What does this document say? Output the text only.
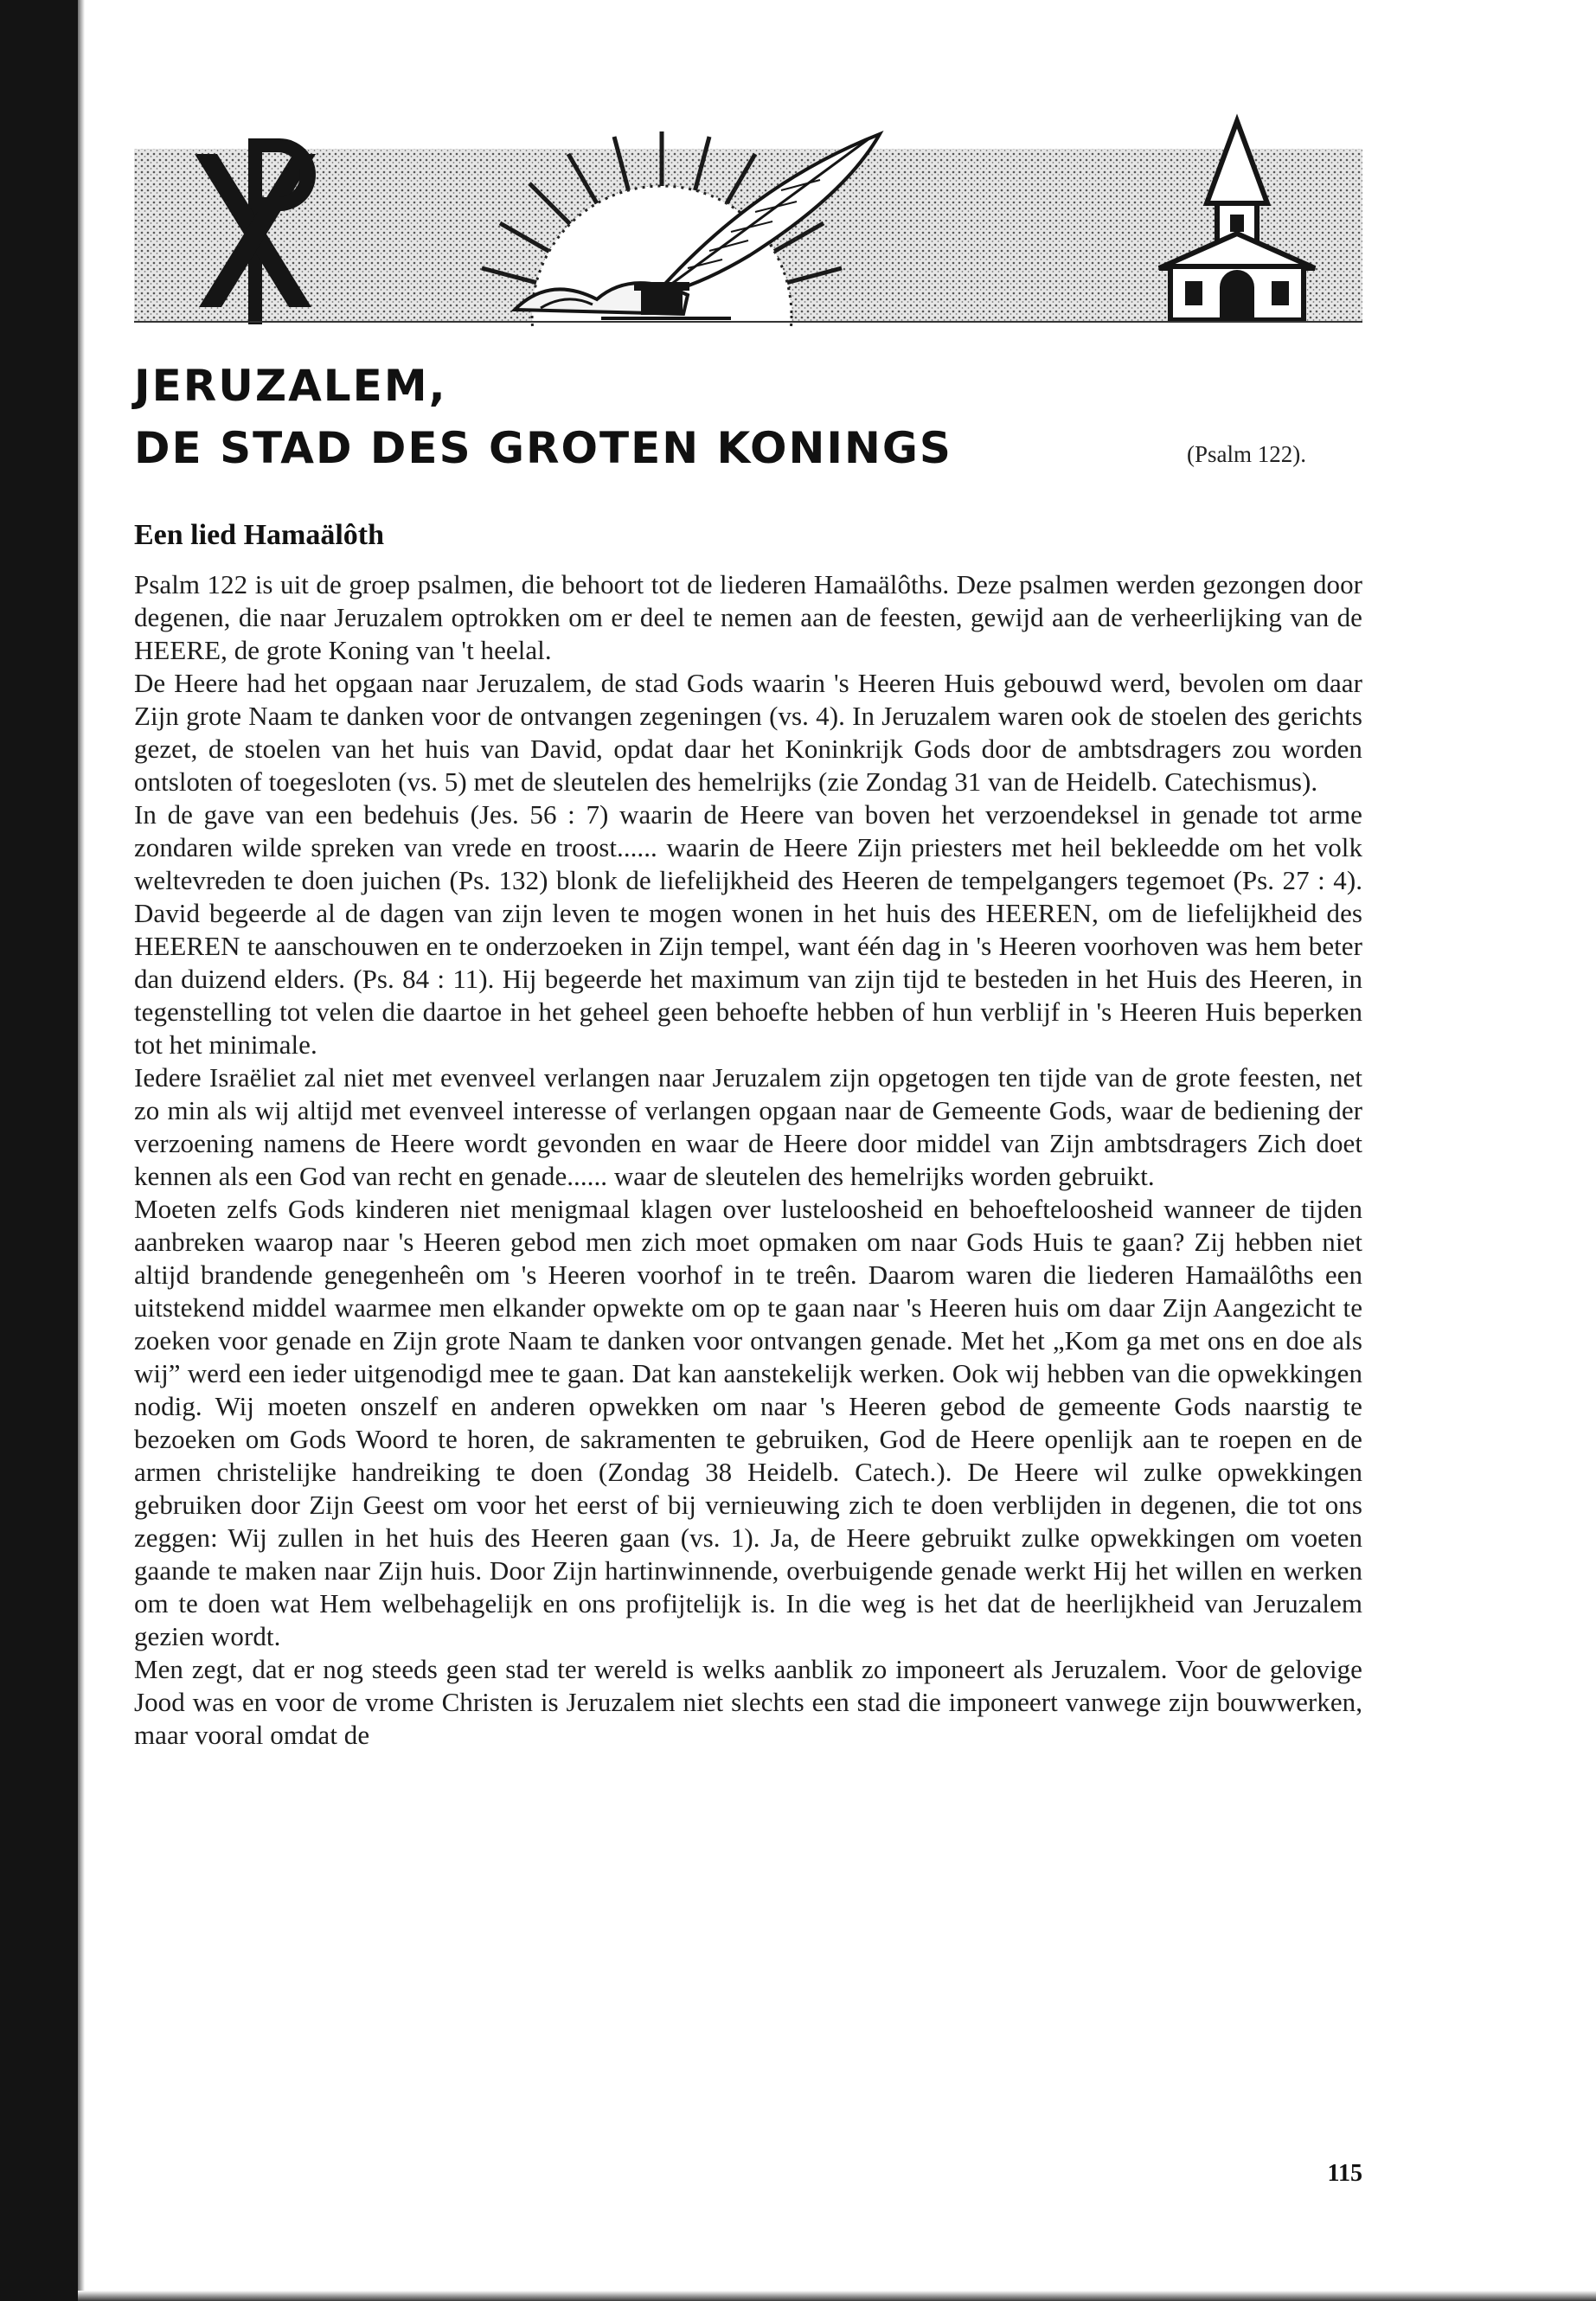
JERUZALEM,
DE STAD DES GROTEN KONINGS	(Psalm 122).
Een lied Hamaälôth

Psalm 122 is uit de groep psalmen, die behoort tot de liederen Hamaälôths. Deze psalmen werden gezongen door degenen, die naar Jeruzalem optrokken om er deel te nemen aan de feesten, gewijd aan de verheerlijking van de HEERE, de grote Koning van 't heelal.

De Heere had het opgaan naar Jeruzalem, de stad Gods waarin 's Heeren Huis gebouwd werd, bevolen om daar Zijn grote Naam te danken voor de ontvangen zegeningen (vs. 4). In Jeruzalem waren ook de stoelen des gerichts gezet, de stoelen van het huis van David, opdat daar het Koninkrijk Gods door de ambtsdragers zou worden ontsloten of toegesloten (vs. 5) met de sleutelen des hemelrijks (zie Zondag 31 van de Heidelb. Catechismus).

In de gave van een bedehuis (Jes. 56 : 7) waarin de Heere van boven het verzoendeksel in genade tot arme zondaren wilde spreken van vrede en troost...... waarin de Heere Zijn priesters met heil bekleedde om het volk weltevreden te doen juichen (Ps. 132) blonk de liefelijkheid des Heeren de tempelgangers tegemoet (Ps. 27 : 4). David begeerde al de dagen van zijn leven te mogen wonen in het huis des HEEREN, om de liefelijkheid des HEEREN te aanschouwen en te onderzoeken in Zijn tempel, want één dag in 's Heeren voorhoven was hem beter dan duizend elders. (Ps. 84 : 11). Hij begeerde het maximum van zijn tijd te besteden in het Huis des Heeren, in tegenstelling tot velen die daartoe in het geheel geen behoefte hebben of hun verblijf in 's Heeren Huis beperken tot het minimale.

Iedere Israëliet zal niet met evenveel verlangen naar Jeruzalem zijn opgetogen ten tijde van de grote feesten, net zo min als wij altijd met evenveel interesse of verlangen opgaan naar de Gemeente Gods, waar de bediening der verzoening namens de Heere wordt gevonden en waar de Heere door middel van Zijn ambtsdragers Zich doet kennen als een God van recht en genade...... waar de sleutelen des hemelrijks worden gebruikt.

Moeten zelfs Gods kinderen niet menigmaal klagen over lusteloosheid en behoefteloosheid wanneer de tijden aanbreken waarop naar 's Heeren gebod men zich moet opmaken om naar Gods Huis te gaan? Zij hebben niet altijd brandende genegenheên om 's Heeren voorhof in te treên. Daarom waren die liederen Hamaälôths een uitstekend middel waarmee men elkander opwekte om op te gaan naar 's Heeren huis om daar Zijn Aangezicht te zoeken voor genade en Zijn grote Naam te danken voor ontvangen genade. Met het „Kom ga met ons en doe als wij” werd een ieder uitgenodigd mee te gaan. Dat kan aanstekelijk werken. Ook wij hebben van die opwekkingen nodig. Wij moeten onszelf en anderen opwekken om naar 's Heeren gebod de gemeente Gods naarstig te bezoeken om Gods Woord te horen, de sakramenten te gebruiken, God de Heere openlijk aan te roepen en de armen christelijke handreiking te doen (Zondag 38 Heidelb. Catech.). De Heere wil zulke opwekkingen gebruiken door Zijn Geest om voor het eerst of bij vernieuwing zich te doen verblijden in degenen, die tot ons zeggen: Wij zullen in het huis des Heeren gaan (vs. 1). Ja, de Heere gebruikt zulke opwekkingen om voeten gaande te maken naar Zijn huis. Door Zijn hartinwinnende, overbuigende genade werkt Hij het willen en werken om te doen wat Hem welbehagelijk en ons profijtelijk is. In die weg is het dat de heerlijkheid van Jeruzalem gezien wordt.

Men zegt, dat er nog steeds geen stad ter wereld is welks aanblik zo imponeert als Jeruzalem. Voor de gelovige Jood was en voor de vrome Christen is Jeruzalem niet slechts een stad die imponeert vanwege zijn bouwwerken, maar vooral omdat de

115
